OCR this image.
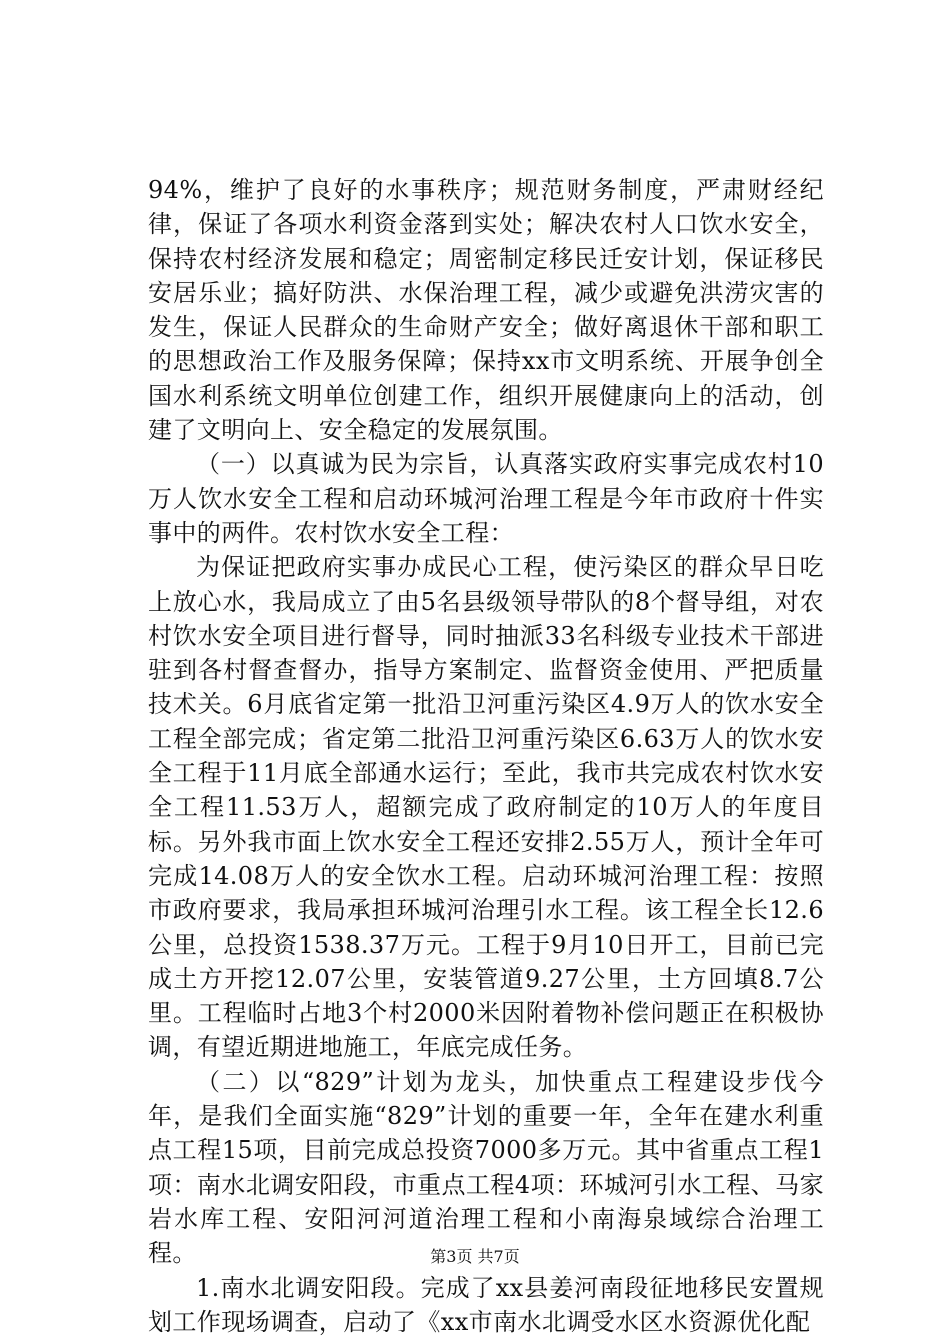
94%，维护了良好的水事秩序；规范财务制度，严肃财经纪律，保证了各项水利资金落到实处；解决农村人口饮水安全，保持农村经济发展和稳定；周密制定移民迁安计划，保证移民安居乐业；搞好防洪、水保治理工程，减少或避免洪涝灾害的发生，保证人民群众的生命财产安全；做好离退休干部和职工的思想政治工作及服务保障；保持xx市文明系统、开展争创全国水利系统文明单位创建工作，组织开展健康向上的活动，创建了文明向上、安全稳定的发展氛围。

（一）以真诚为民为宗旨，认真落实政府实事完成农村10万人饮水安全工程和启动环城河治理工程是今年市政府十件实事中的两件。农村饮水安全工程：

为保证把政府实事办成民心工程，使污染区的群众早日吃上放心水，我局成立了由5名县级领导带队的8个督导组，对农村饮水安全项目进行督导，同时抽派33名科级专业技术干部进驻到各村督查督办，指导方案制定、监督资金使用、严把质量技术关。6月底省定第一批沿卫河重污染区4.9万人的饮水安全工程全部完成；省定第二批沿卫河重污染区6.63万人的饮水安全工程于11月底全部通水运行；至此，我市共完成农村饮水安全工程11.53万人，超额完成了政府制定的10万人的年度目标。另外我市面上饮水安全工程还安排2.55万人，预计全年可完成14.08万人的安全饮水工程。启动环城河治理工程：按照市政府要求，我局承担环城河治理引水工程。该工程全长12.6公里，总投资1538.37万元。工程于9月10日开工，目前已完成土方开挖12.07公里，安装管道9.27公里，土方回填8.7公里。工程临时占地3个村2000米因附着物补偿问题正在积极协调，有望近期进地施工，年底完成任务。

（二）以“829”计划为龙头，加快重点工程建设步伐今年，是我们全面实施“829”计划的重要一年，全年在建水利重点工程15项，目前完成总投资7000多万元。其中省重点工程1项：南水北调安阳段，市重点工程4项：环城河引水工程、马家岩水库工程、安阳河河道治理工程和小南海泉域综合治理工程。

1.南水北调安阳段。完成了xx县姜河南段征地移民安置规划工作现场调查，启动了《xx市南水北调受水区水资源优化配

第3页 共7页
